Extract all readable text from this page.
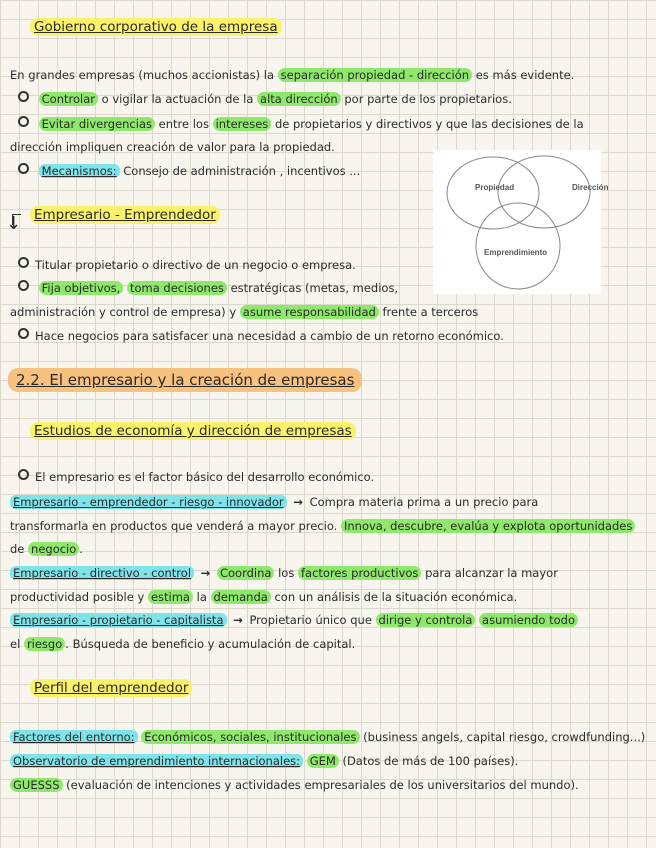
Gobierno corporativo de la empresa
En grandes empresas (muchos accionistas) la separación propiedad - dirección es más evidente.
Controlar o vigilar la actuación de la alta dirección por parte de los propietarios.
Evitar divergencias entre los intereses de propietarios y directivos y que las decisiones de la
dirección impliquen creación de valor para la propiedad.
Mecanismos: Consejo de administración , incentivos ...
Propiedad	Dirección
Emprendimiento
↓ Empresario - Emprendedor
Titular propietario o directivo de un negocio o empresa.
Fija objetivos, toma decisiones estratégicas (metas, medios,
administración y control de empresa) y asume responsabilidad frente a terceros
Hace negocios para satisfacer una necesidad a cambio de un retorno económico.
2.2. El empresario y la creación de empresas
Estudios de economía y dirección de empresas
El empresario es el factor básico del desarrollo económico.
Empresario - emprendedor - riesgo - innovador → Compra materia prima a un precio para
transformarla en productos que venderá a mayor precio. Innova, descubre, evalúa y explota oportunidades
de negocio .
Empresario - directivo - control → Coordina los factores productivos para alcanzar la mayor
productividad posible y estima la demanda con un análisis de la situación económica.
Empresario - propietario - capitalista → Propietario único que dirige y controla asumiendo todo
el riesgo . Búsqueda de beneficio y acumulación de capital.
Perfil del emprendedor
Factores del entorno: Económicos, sociales, institucionales (business angels, capital riesgo, crowdfunding...)
Observatorio de emprendimiento internacionales: GEM (Datos de más de 100 países).
GUESSS (evaluación de intenciones y actividades empresariales de los universitarios del mundo).
